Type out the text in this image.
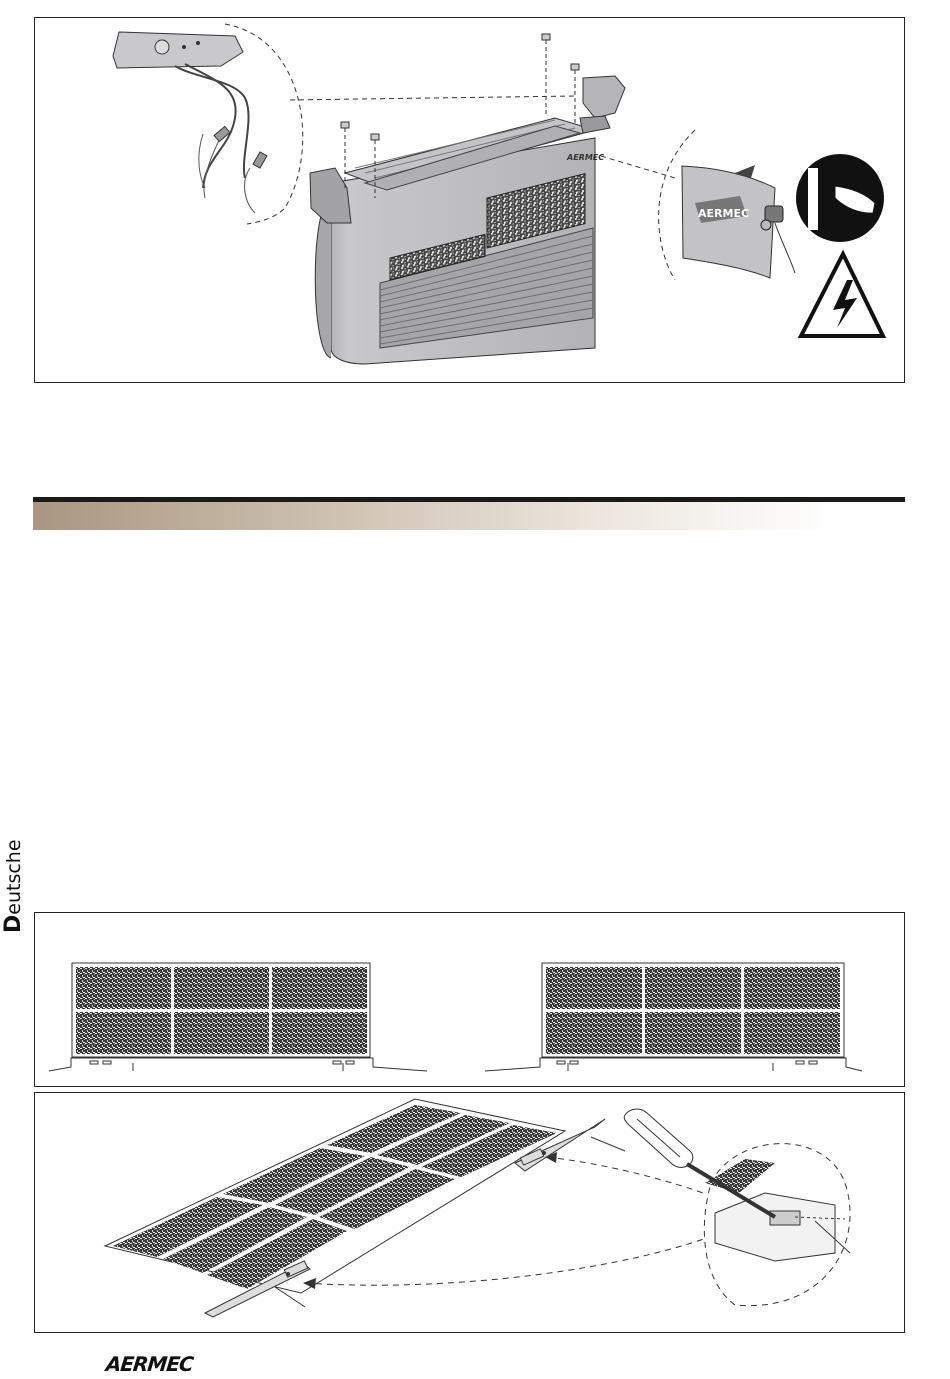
AERMEC
AERMEC
Deutsche
AERMEC
